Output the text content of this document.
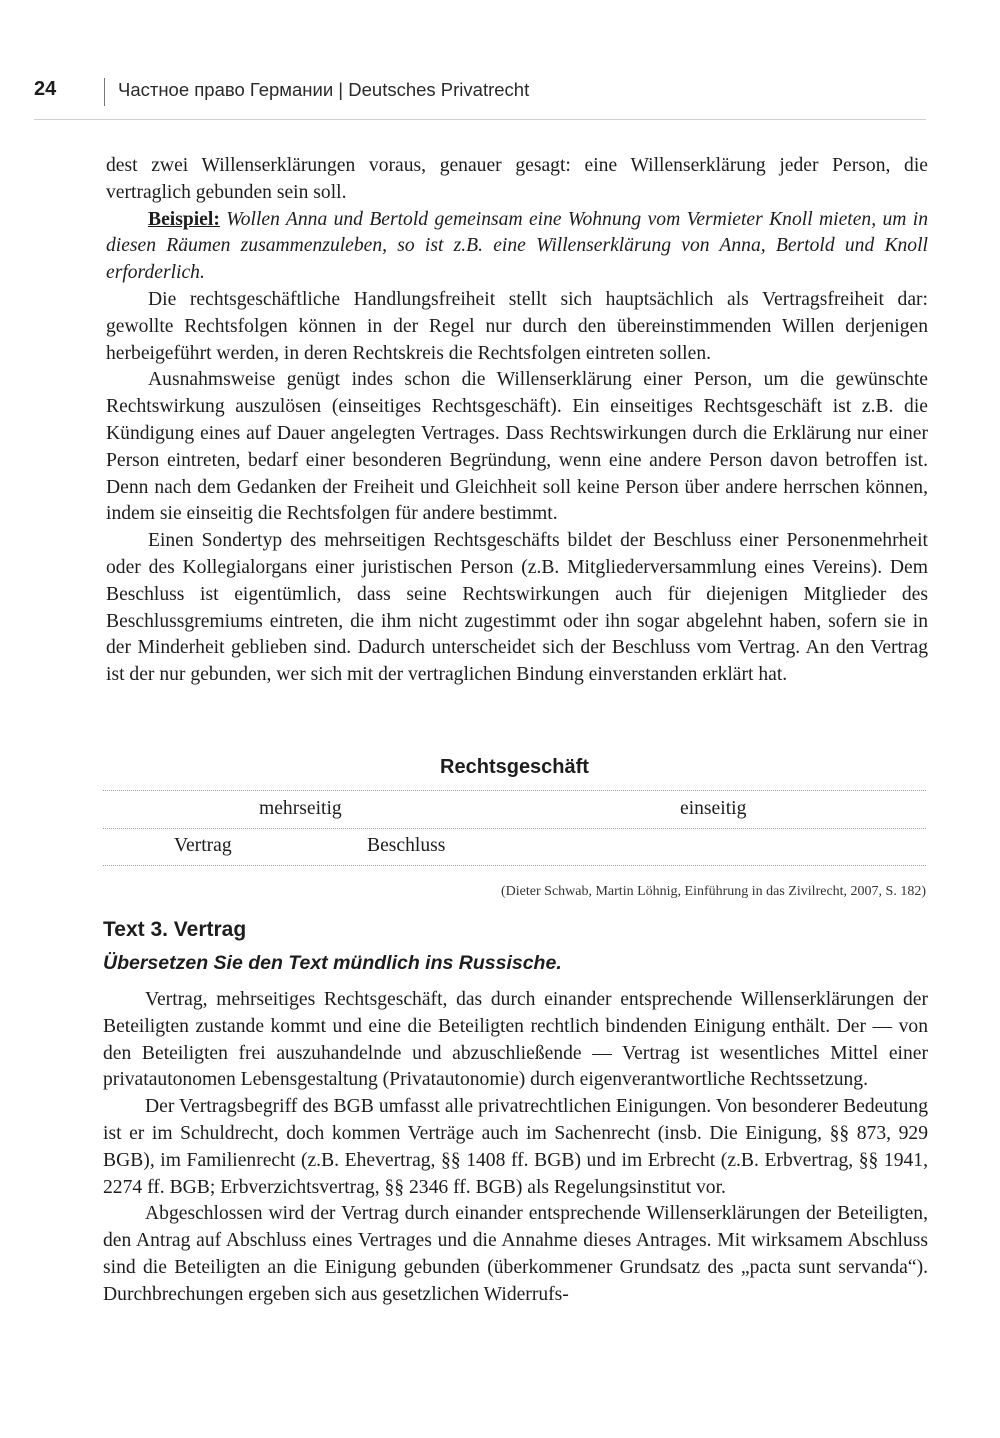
24	Частное право Германии | Deutsches Privatrecht

dest zwei Willenserklärungen voraus, genauer gesagt: eine Willenserklärung jeder Person, die vertraglich gebunden sein soll.

Beispiel: Wollen Anna und Bertold gemeinsam eine Wohnung vom Vermieter Knoll mieten, um in diesen Räumen zusammenzuleben, so ist z.B. eine Willenserklärung von Anna, Bertold und Knoll erforderlich.

Die rechtsgeschäftliche Handlungsfreiheit stellt sich hauptsächlich als Vertragsfreiheit dar: gewollte Rechtsfolgen können in der Regel nur durch den übereinstimmenden Willen derjenigen herbeigeführt werden, in deren Rechtskreis die Rechtsfolgen eintreten sollen.

Ausnahmsweise genügt indes schon die Willenserklärung einer Person, um die gewünschte Rechtswirkung auszulösen (einseitiges Rechtsgeschäft). Ein einseitiges Rechtsgeschäft ist z.B. die Kündigung eines auf Dauer angelegten Vertrages. Dass Rechtswirkungen durch die Erklärung nur einer Person eintreten, bedarf einer besonderen Begründung, wenn eine andere Person davon betroffen ist. Denn nach dem Gedanken der Freiheit und Gleichheit soll keine Person über andere herrschen können, indem sie einseitig die Rechtsfolgen für andere bestimmt.

Einen Sondertyp des mehrseitigen Rechtsgeschäfts bildet der Beschluss einer Personenmehrheit oder des Kollegialorgans einer juristischen Person (z.B. Mitgliederversammlung eines Vereins). Dem Beschluss ist eigentümlich, dass seine Rechtswirkungen auch für diejenigen Mitglieder des Beschlussgremiums eintreten, die ihm nicht zugestimmt oder ihn sogar abgelehnt haben, sofern sie in der Minderheit geblieben sind. Dadurch unterscheidet sich der Beschluss vom Vertrag. An den Vertrag ist der nur gebunden, wer sich mit der vertraglichen Bindung einverstanden erklärt hat.

Rechtsgeschäft
mehrseitig	einseitig
Vertrag	Beschluss
(Dieter Schwab, Martin Löhnig, Einführung in das Zivilrecht, 2007, S. 182)
Text 3. Vertrag
Übersetzen Sie den Text mündlich ins Russische.

Vertrag, mehrseitiges Rechtsgeschäft, das durch einander entsprechende Willenserklärungen der Beteiligten zustande kommt und eine die Beteiligten rechtlich bindenden Einigung enthält. Der — von den Beteiligten frei auszuhandelnde und abzuschließende — Vertrag ist wesentliches Mittel einer privatautonomen Lebensgestaltung (Privatautonomie) durch eigenverantwortliche Rechtssetzung.

Der Vertragsbegriff des BGB umfasst alle privatrechtlichen Einigungen. Von besonderer Bedeutung ist er im Schuldrecht, doch kommen Verträge auch im Sachenrecht (insb. Die Einigung, §§ 873, 929 BGB), im Familienrecht (z.B. Ehevertrag, §§ 1408 ff. BGB) und im Erbrecht (z.B. Erbvertrag, §§ 1941, 2274 ff. BGB; Erbverzichtsvertrag, §§ 2346 ff. BGB) als Regelungsinstitut vor.

Abgeschlossen wird der Vertrag durch einander entsprechende Willenserklärungen der Beteiligten, den Antrag auf Abschluss eines Vertrages und die Annahme dieses Antrages. Mit wirksamem Abschluss sind die Beteiligten an die Einigung gebunden (überkommener Grundsatz des „pacta sunt servanda“). Durchbrechungen ergeben sich aus gesetzlichen Widerrufs-
